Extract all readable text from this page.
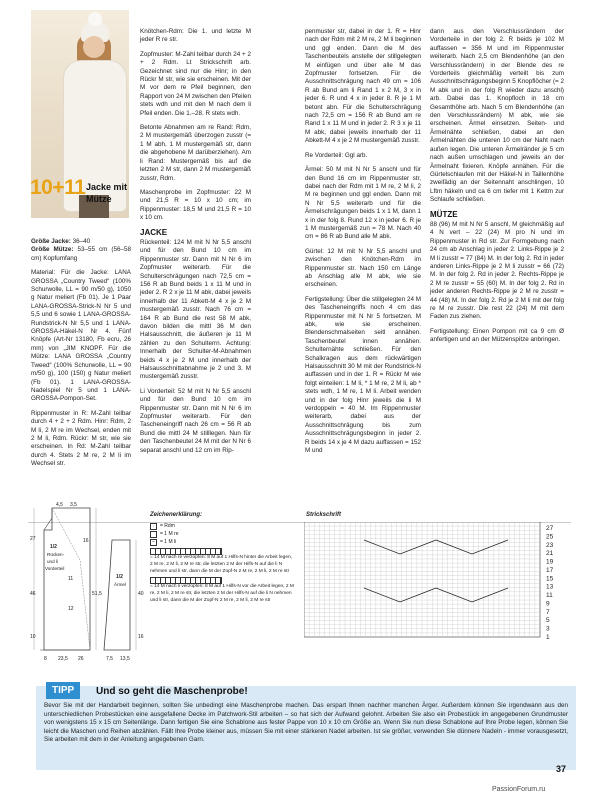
10+11 Jacke mit Mütze

Größe Jacke: 36–40

Größe Mütze: 53–55 cm (56–58 cm) Kopfumfang

Material: Für die Jacke: LANA GROSSA „Country Tweed“ (100% Schurwolle, LL = 90 m/50 g), 1050 g Natur meliert (Fb 01). Je 1 Paar LANA-GROSSA-Strick-N Nr 5 und 5,5 und 6 sowie 1 LANA-GROSSA-Rundstrick-N Nr 5,5 und 1 LANA-GROSSA-Häkel-N Nr 4. Fünf Knöpfe (Art-Nr 13180, Fb ecru, 26 mm) von „JIM KNOPF. Für die Mütze: LANA GROSSA „Country Tweed“ (100% Schurwolle, LL = 90 m/50 g), 100 (150) g Natur meliert (Fb 01). 1 LANA-GROSSA-Nadelspiel Nr 5 und 1 LANA-GROSSA-Pompon-Set.

Rippenmuster in R: M-Zahl teilbar durch 4 + 2 + 2 Rdm. Hinr: Rdm, 2 M li, 2 M re im Wechsel, enden mit 2 M li, Rdm. Rückr: M str, wie sie erscheinen. In Rd: M-Zahl teilbar durch 4. Stets 2 M re, 2 M li im Wechsel str.

Knötchen-Rdm: Die 1. und letzte M jeder R re str.

Zopfmuster: M-Zahl teilbar durch 24 + 2 + 2 Rdm. Lt Strickschrift arb. Gezeichnet sind nur die Hinr; in den Rückr M str, wie sie erscheinen. Mit der M vor dem re Pfeil beginnen, den Rapport von 24 M zwischen den Pfeilen stets wdh und mit den M nach dem li Pfeil enden. Die 1.–28. R stets wdh.

Betonte Abnahmen am re Rand: Rdm, 2 M mustergemäß überzogen zusstr (= 1 M abh, 1 M mustergemäß str, dann die abgehobene M darüberziehen). Am li Rand: Mustergemäß bis auf die letzten 2 M str, dann 2 M mustergemäß zusstr, Rdm.

Maschenprobe im Zopfmuster: 22 M und 21,5 R = 10 x 10 cm; im Rippenmuster: 18,5 M und 21,5 R = 10 x 10 cm.

JACKE

Rückenteil: 124 M mit N Nr 5,5 anschl und für den Bund 10 cm im Rippenmuster str. Dann mit N Nr 6 im Zopfmuster weiterarb. Für die Schulterschrägungen nach 72,5 cm = 156 R ab Bund beids 1 x 11 M und in jeder 2. R 2 x je 11 M abk, dabei jeweils innerhalb der 11 Abkett-M 4 x je 2 M mustergemäß zusstr. Nach 76 cm = 164 R ab Bund die rest 58 M abk, davon bilden die mittl 36 M den Halsausschnitt, die äußeren je 11 M zählen zu den Schulterrn. Achtung: Innerhalb der Schulter-M-Abnahmen beids 4 x je 2 M und innerhalb der Halsausschnittabnahme je 2 und 3. M mustergemäß zusstr.

Li Vorderteil: 52 M mit N Nr 5,5 anschl und für den Bund 10 cm im Rippenmuster str. Dann mit N Nr 6 im Zopfmuster weiterarb. Für den Tascheneingriff nach 26 cm = 56 R ab Bund die mittl 24 M stilllegen. Nun für den Taschenbeutel 24 M mit der N Nr 6 separat anschl und 12 cm im Rip-

penmuster str, dabei in der 1. R = Hinr nach der Rdm mit 2 M re, 2 M li beginnen und ggl enden. Dann die M des Taschenbeutels anstelle der stillgelegten M einfügen und über alle M das Zopfmuster fortsetzen. Für die Ausschnittschrägung nach 49 cm = 106 R ab Bund am li Rand 1 x 2 M, 3 x in jeder 6. R und 4 x in jeder 8. R je 1 M betont abn. Für die Schulterschrägung nach 72,5 cm = 156 R ab Bund am re Rand 1 x 11 M und in jeder 2. R 3 x je 11 M abk, dabei jeweils innerhalb der 11 Abkett-M 4 x je 2 M mustergemäß zusstr.

Re Vorderteil: Ggl arb.

Ärmel: 50 M mit N Nr 5 anschl und für den Bund 16 cm im Rippenmuster str, dabei nach der Rdm mit 1 M re, 2 M li, 2 M re beginnen und ggl enden. Dann mit N Nr 5,5 weiterarb und für die Ärmelschrägungen beids 1 x 1 M, dann 1 x in der folg 8. Rund 12 x in jeder 6. R je 1 M mustergemäß zun = 78 M. Nach 40 cm = 86 R ab Bund alle M abk.

Gürtel: 12 M mit N Nr 5,5 anschl und zwischen den Knötchen-Rdm im Rippenmuster str. Nach 150 cm Länge ab Anschlag alle M abk, wie sie erscheinen.

Fertigstellung: Über die stillgelegten 24 M des Tascheneingriffs noch 4 cm das Rippenmuster mit N Nr 5 fortsetzen. M abk, wie sie erscheinen. Blendenschmalseiten seitl annähen. Taschenbeutel innen annähen. Schulternähte schließen. Für den Schalkragen aus dem rückwärtigen Halsausschnitt 30 M mit der Rundstrick-N auffassen und in der 1. R = Rückr M wie folgt einteilen: 1 M li, * 1 M re, 2 M li, ab * stets wdh, 1 M re, 1 M li. Arbeit wenden und in der folg Hinr jeweils die li M verdoppeln = 40 M. Im Rippenmuster weiterarb, dabei aus der Ausschnittschrägung bis zum Ausschnittschrägungsbeginn in jeder 2. R beids 14 x je 4 M dazu auffassen = 152 M und

dann aus den Verschlussrändern der Vorderteile in der folg 2. R beids je 102 M auffassen = 356 M und im Rippenmuster weiterarb. Nach 2,5 cm Blendenhöhe (an den Verschlussrändern) in der Blende des re Vorderteils gleichmäßig verteilt bis zum Ausschnittschrägungsbeginn 5 Knopflöcher (= 2 M abk und in der folg R wieder dazu anschl) arb. Dabei das 1. Knopfloch in 18 cm Gesamthöhe arb. Nach 5 cm Blendenhöhe (an den Verschlussrändern) M abk, wie sie erscheinen. Ärmel einsetzen. Seiten- und Ärmelnähte schließen, dabei an den Ärmelnähten die unteren 10 cm der Naht nach außen legen. Die unteren Ärmelränder je 5 cm nach außen umschlagen und jeweils an der Ärmelnaht fixieren. Knöpfe annähen. Für die Gürtelschlaufen mit der Häkel-N in Taillenhöhe zweifädig an der Seitennaht anschlingen, 10 Lftm häkeln und ca 6 cm tiefer mit 1 Kettm zur Schlaufe schließen.

MÜTZE

88 (96) M mit N Nr 5 anschl, M gleichmäßig auf 4 N vert – 22 (24) M pro N und im Rippenmuster in Rd str. Zur Formgebung nach 24 cm ab Anschlag in jeder 2. Links-Rippe je 2 M li zusstr = 77 (84) M. In der folg 2. Rd in jeder anderen Links-Rippe je 2 M li zusstr = 66 (72) M. In der folg 2. Rd in jeder 2. Rechts-Rippe je 2 M re zusstr = 55 (60) M. In der folg 2. Rd in jeder anderen Rechts-Rippe je 2 M re zusstr = 44 (48) M. In der folg 2. Rd je 2 M li mit der folg re M re zusstr. Die rest 22 (24) M mit dem Faden zus ziehen.

Fertigstellung: Einen Pompon mit ca 9 cm Ø anfertigen und an der Mützenspitze anbringen.

4,5 3,5
27	16
46	51,5
11
10
12
8 23,5 26
1/2
Rücken-
und li
Vorderteil
1/2
Ärmel
40
16
7,5 13,5
Zeichenerklärung:
·	= Rdm
= 1 M re
–	= 1 M li
= 14 M nach re verzopfen: 8 M auf 1 Hilfs-N hinter die Arbeit legen, 2 M re, 2 M li, 2 M re str, die letzten 2 M der Hilfs-N auf die li N nehmen und li str, dann die M der Zopf-N 2 M re, 2 M li, 2 M re str
= 14 M nach li verzopfen: 8 M auf 1 Hilfs-N vor die Arbeit legen, 2 M re, 2 M li, 2 M re str, die letzten 2 M der Hilfs-N auf die li N nehmen und li str, dann die M der Zopf-N 2 M re, 2 M li, 2 M re str
Strickschrift
27
25
23
21
19
17
15
13
11
9
7
5
3
1
TIPP	Und so geht die Maschenprobe!
Bevor Sie mit der Handarbeit beginnen, sollten Sie unbedingt eine Maschenprobe machen. Das erspart Ihnen nachher manchen Ärger. Außerdem können Sie irgendwann aus den unterschiedlichen Probestücken eine ausgefallene Decke im Patchwork-Stil arbeiten – so hat sich der Aufwand gelohnt. Arbeiten Sie also ein Probestück im angegebenen Grundmuster von wenigstens 15 x 15 cm Seitenlänge. Dann fertigen Sie eine Schablone aus fester Pappe von 10 x 10 cm Größe an. Wenn Sie nun diese Schablone auf Ihre Probe legen, können Sie leicht die Maschen und Reihen abzählen. Fällt Ihre Probe kleiner aus, müssen Sie mit einer stärkeren Nadel arbeiten. Ist sie größer, verwenden Sie dünnere Nadeln - immer vorausgesetzt, Sie arbeiten mit dem in der Anleitung angegebenen Garn.
37
PassionForum.ru
